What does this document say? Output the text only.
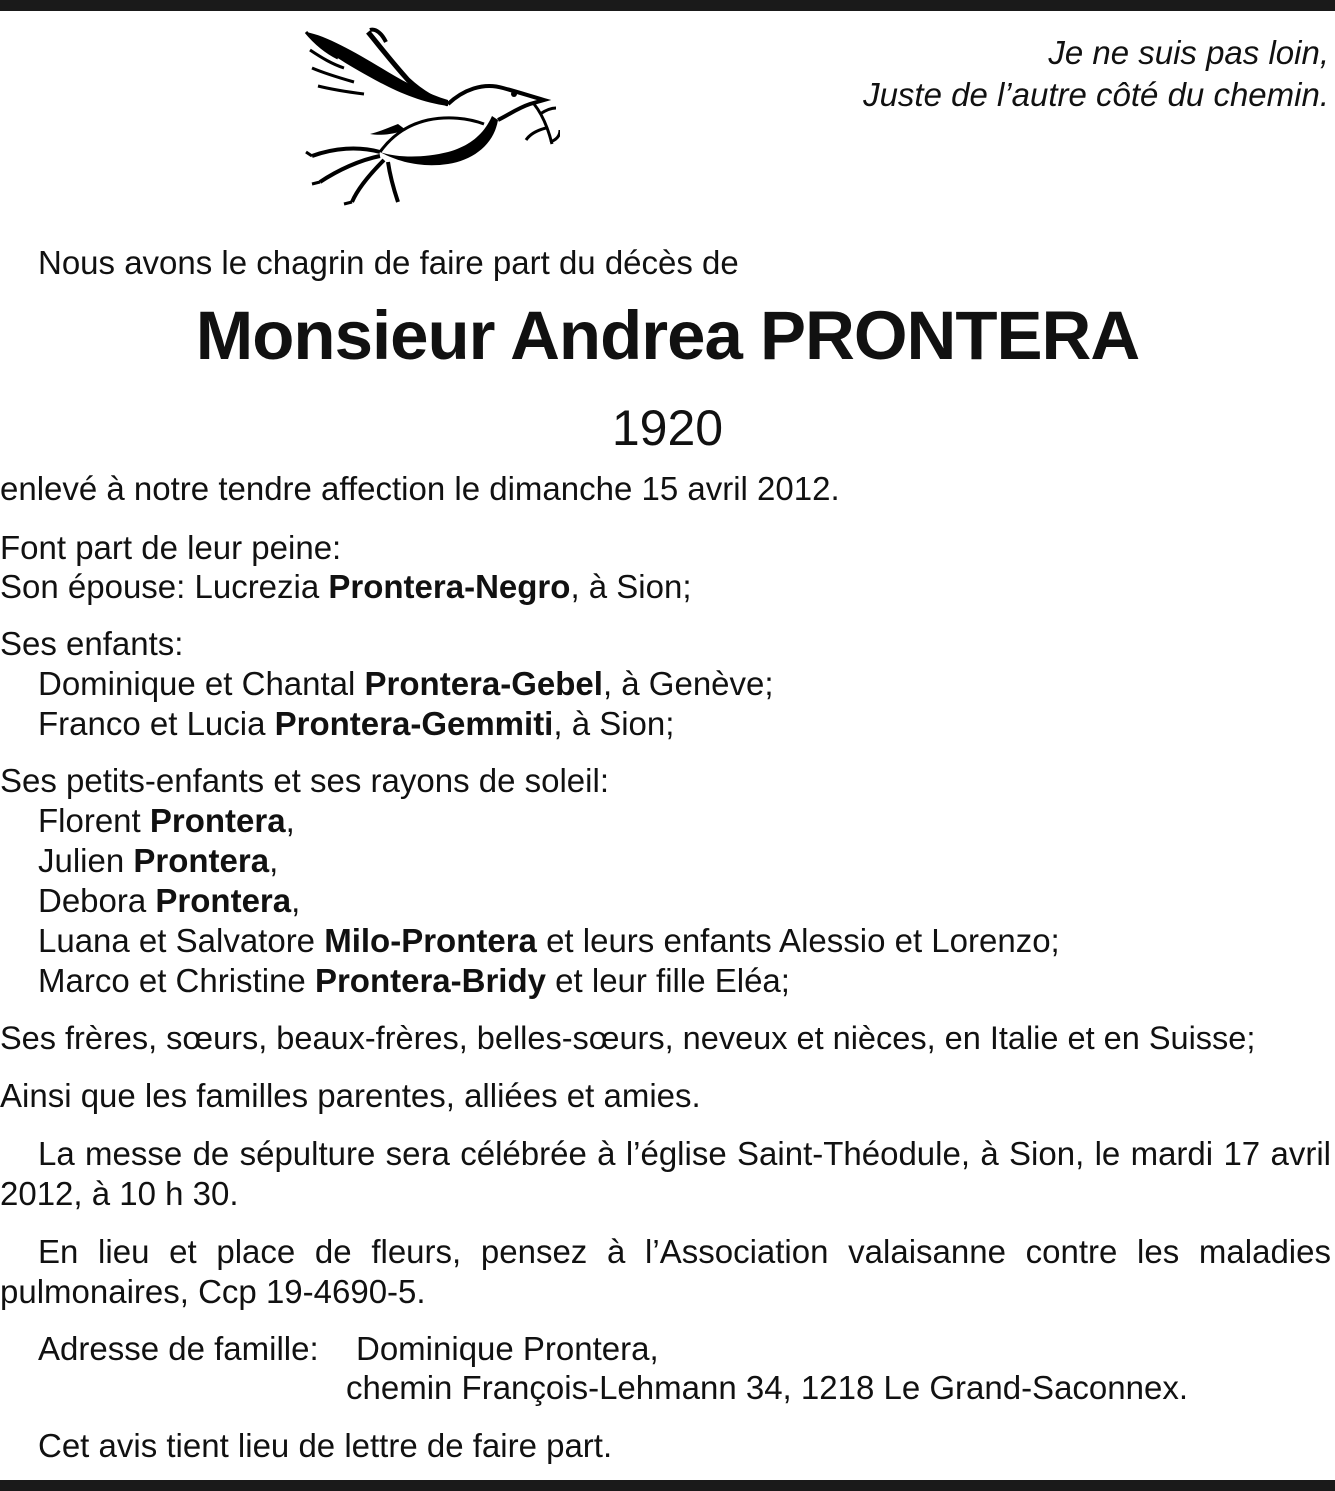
Je ne suis pas loin,
Juste de l’autre côté du chemin.
Nous avons le chagrin de faire part du décès de
Monsieur Andrea PRONTERA
1920
enlevé à notre tendre affection le dimanche 15 avril 2012.
Font part de leur peine:
Son épouse: Lucrezia Prontera-Negro, à Sion;
Ses enfants:
Dominique et Chantal Prontera-Gebel, à Genève;
Franco et Lucia Prontera-Gemmiti, à Sion;
Ses petits-enfants et ses rayons de soleil:
Florent Prontera,
Julien Prontera,
Debora Prontera,
Luana et Salvatore Milo-Prontera et leurs enfants Alessio et Lorenzo;
Marco et Christine Prontera-Bridy et leur fille Eléa;
Ses frères, sœurs, beaux-frères, belles-sœurs, neveux et nièces, en Italie et en Suisse;
Ainsi que les familles parentes, alliées et amies.
La messe de sépulture sera célébrée à l’église Saint-Théodule, à Sion, le mardi 17 avril 2012, à 10 h 30.
En lieu et place de fleurs, pensez à l’Association valaisanne contre les maladies pulmonaires, Ccp 19-4690-5.
Adresse de famille: Dominique Prontera,
chemin François-Lehmann 34, 1218 Le Grand-Saconnex.
Cet avis tient lieu de lettre de faire part.
